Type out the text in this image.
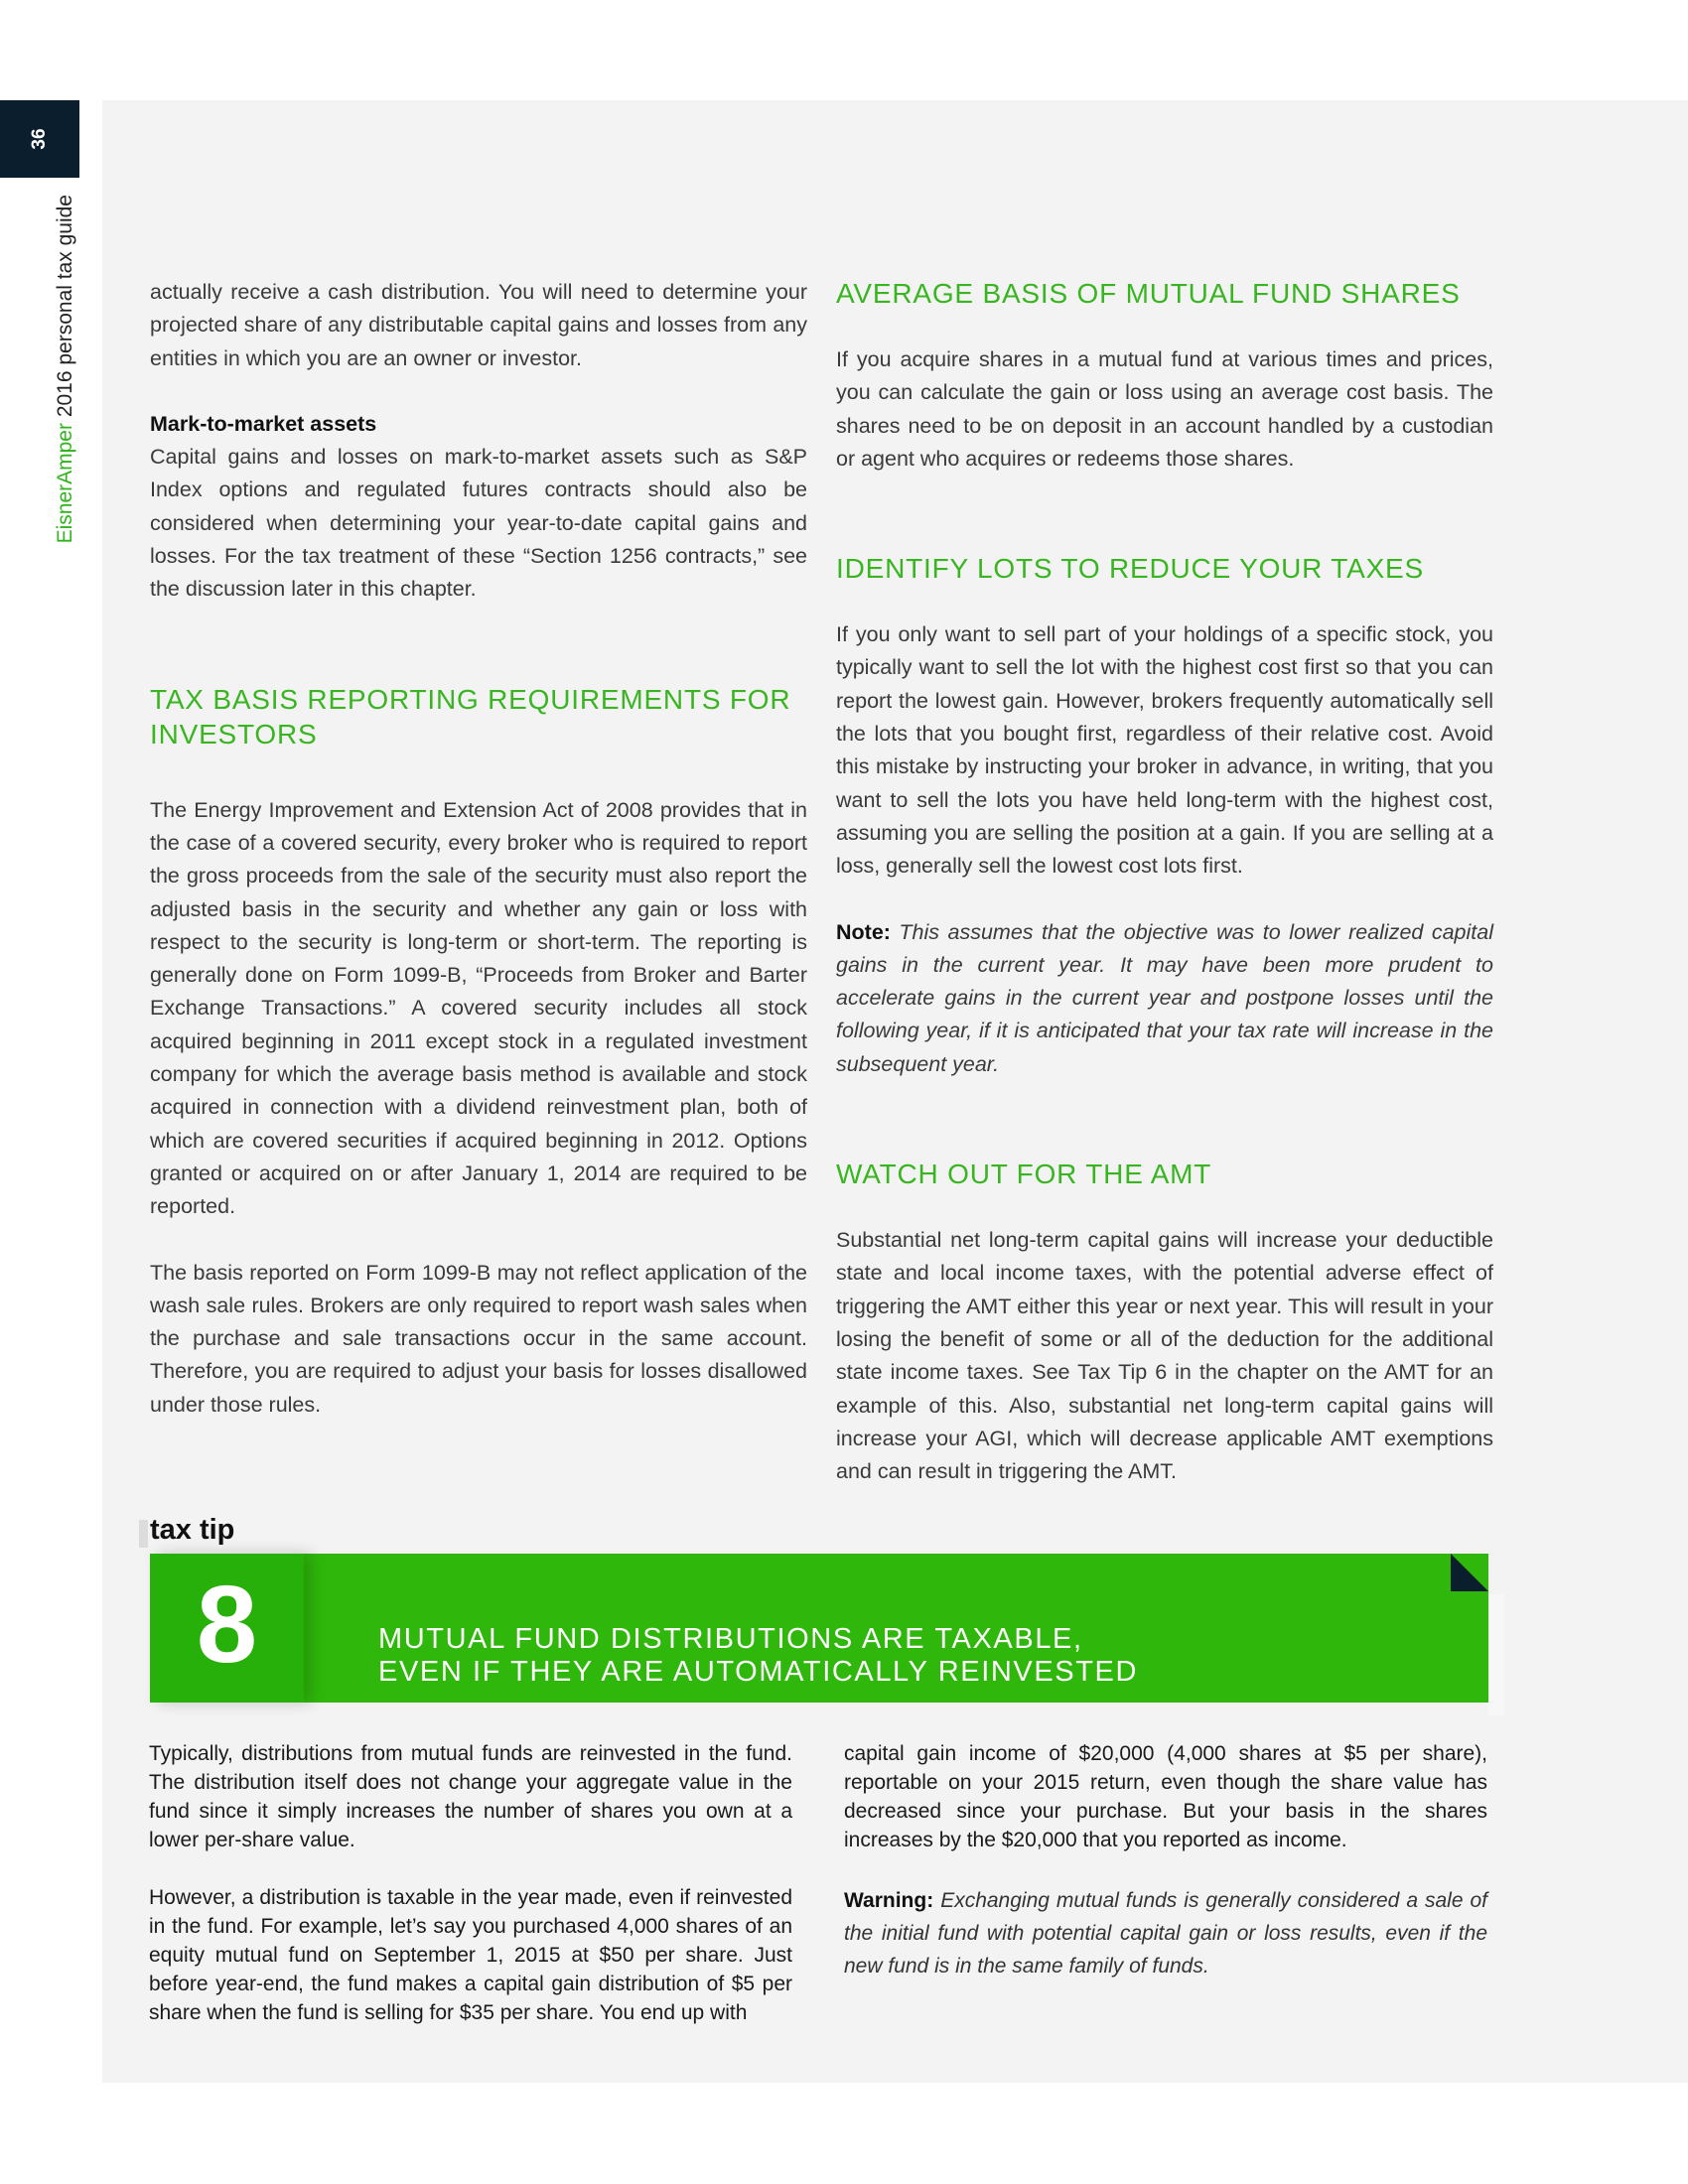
36
EisnerAmper 2016 personal tax guide	actually receive a cash distribution. You will need to determine your projected share of any distributable capital gains and losses from any entities in which you are an owner or investor.

Mark-to-market assets

Capital gains and losses on mark-to-market assets such as S&P Index options and regulated futures contracts should also be considered when determining your year-to-date capital gains and losses. For the tax treatment of these “Section 1256 contracts,” see the discussion later in this chapter.

TAX BASIS REPORTING REQUIREMENTS FOR INVESTORS

The Energy Improvement and Extension Act of 2008 provides that in the case of a covered security, every broker who is required to report the gross proceeds from the sale of the security must also report the adjusted basis in the security and whether any gain or loss with respect to the security is long-term or short-term. The reporting is generally done on Form 1099-B, “Proceeds from Broker and Barter Exchange Transactions.” A covered security includes all stock acquired beginning in 2011 except stock in a regulated investment company for which the average basis method is available and stock acquired in connection with a dividend reinvestment plan, both of which are covered securities if acquired beginning in 2012. Options granted or acquired on or after January 1, 2014 are required to be reported.

The basis reported on Form 1099-B may not reflect application of the wash sale rules. Brokers are only required to report wash sales when the purchase and sale transactions occur in the same account. Therefore, you are required to adjust your basis for losses disallowed under those rules.

AVERAGE BASIS OF MUTUAL FUND SHARES

If you acquire shares in a mutual fund at various times and prices, you can calculate the gain or loss using an average cost basis. The shares need to be on deposit in an account handled by a custodian or agent who acquires or redeems those shares.

IDENTIFY LOTS TO REDUCE YOUR TAXES

If you only want to sell part of your holdings of a specific stock, you typically want to sell the lot with the highest cost first so that you can report the lowest gain. However, brokers frequently automatically sell the lots that you bought first, regardless of their relative cost. Avoid this mistake by instructing your broker in advance, in writing, that you want to sell the lots you have held long-term with the highest cost, assuming you are selling the position at a gain. If you are selling at a loss, generally sell the lowest cost lots first.

Note: This assumes that the objective was to lower realized capital gains in the current year. It may have been more prudent to accelerate gains in the current year and postpone losses until the following year, if it is anticipated that your tax rate will increase in the subsequent year.

WATCH OUT FOR THE AMT

Substantial net long-term capital gains will increase your deductible state and local income taxes, with the potential adverse effect of triggering the AMT either this year or next year. This will result in your losing the benefit of some or all of the deduction for the additional state income taxes. See Tax Tip 6 in the chapter on the AMT for an example of this. Also, substantial net long-term capital gains will increase your AGI, which will decrease applicable AMT exemptions and can result in triggering the AMT.

tax tip
8	MUTUAL FUND DISTRIBUTIONS ARE TAXABLE,
EVEN IF THEY ARE AUTOMATICALLY REINVESTED

Typically, distributions from mutual funds are reinvested in the fund. The distribution itself does not change your aggregate value in the fund since it simply increases the number of shares you own at a lower per-share value.

However, a distribution is taxable in the year made, even if reinvested in the fund. For example, let’s say you purchased 4,000 shares of an equity mutual fund on September 1, 2015 at $50 per share. Just before year-end, the fund makes a capital gain distribution of $5 per share when the fund is selling for $35 per share. You end up with

capital gain income of $20,000 (4,000 shares at $5 per share), reportable on your 2015 return, even though the share value has decreased since your purchase. But your basis in the shares increases by the $20,000 that you reported as income.

Warning: Exchanging mutual funds is generally considered a sale of the initial fund with potential capital gain or loss results, even if the new fund is in the same family of funds.
